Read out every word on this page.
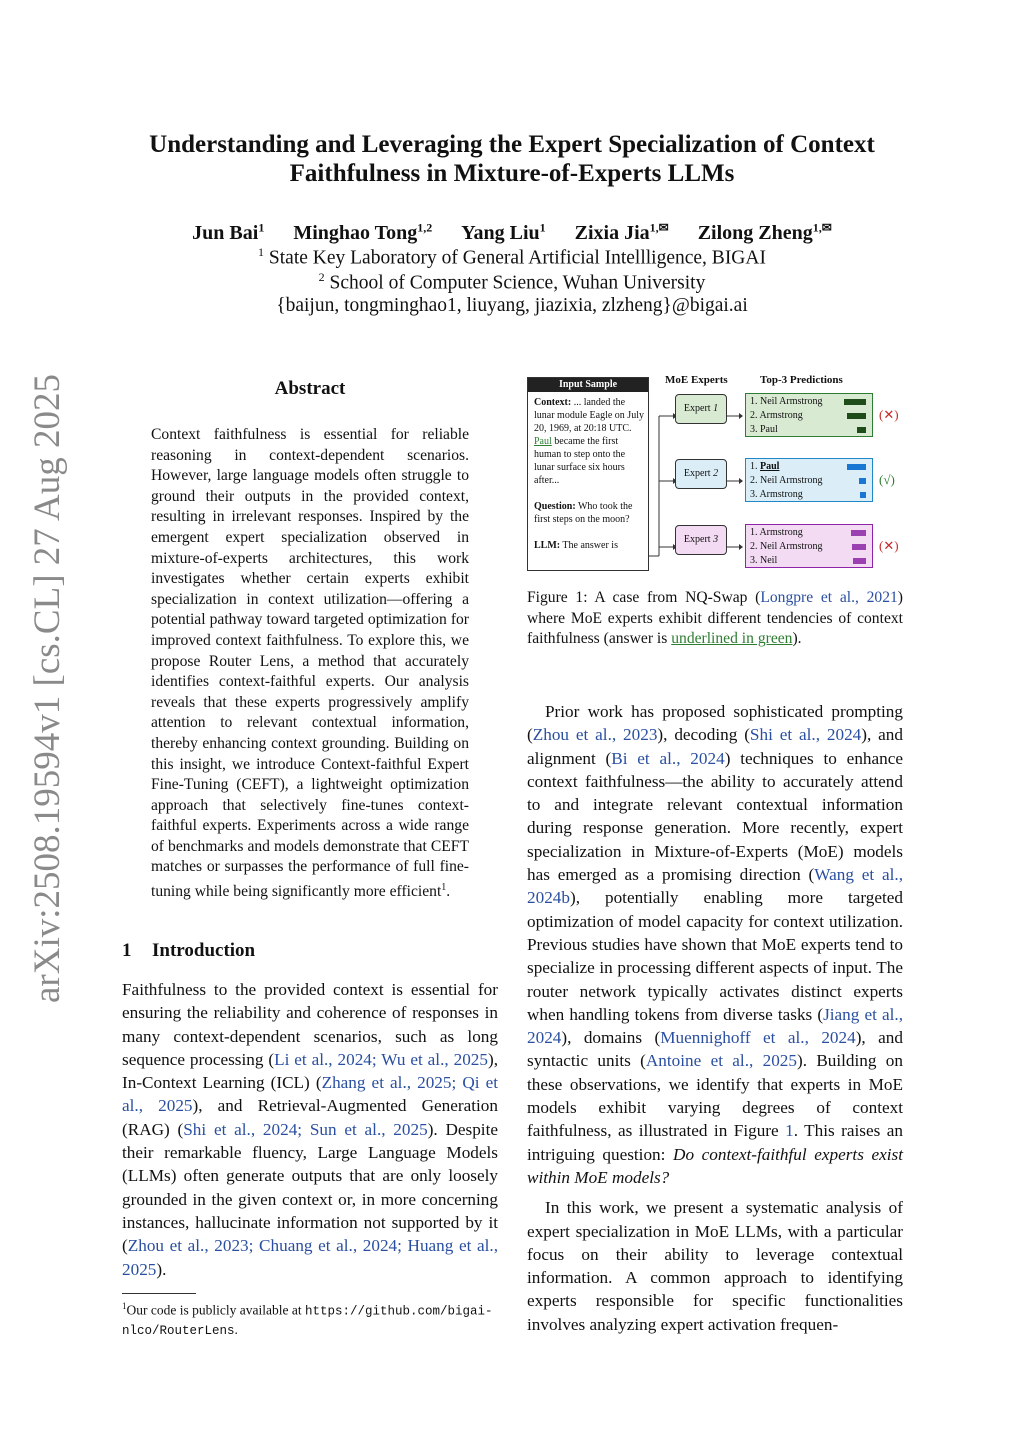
arXiv:2508.19594v1 [cs.CL] 27 Aug 2025
Understanding and Leveraging the Expert Specialization of Context
Faithfulness in Mixture-of-Experts LLMs
Jun Bai$^1$ Minghao Tong$^{1,2}$ Yang Liu$^1$ Zixia Jia$^{1,✉}$ Zilong Zheng$^{1,✉}$
$^1$ State Key Laboratory of General Artificial Intellligence, BIGAI
$^2$ School of Computer Science, Wuhan University
{baijun, tongminghao1, liuyang, jiazixia, zlzheng}@bigai.ai
Abstract
Context faithfulness is essential for reliable reasoning in context-dependent scenarios. However, large language models often struggle to ground their outputs in the provided context, resulting in irrelevant responses. Inspired by the emergent expert specialization observed in mixture-of-experts architectures, this work investigates whether certain experts exhibit specialization in context utilization—offering a potential pathway toward targeted optimization for improved context faithfulness. To explore this, we propose Router Lens, a method that accurately identifies context-faithful experts. Our analysis reveals that these experts progressively amplify attention to relevant contextual information, thereby enhancing context grounding. Building on this insight, we introduce Context-faithful Expert Fine-Tuning (CEFT), a lightweight optimization approach that selectively fine-tunes context-faithful experts. Experiments across a wide range of benchmarks and models demonstrate that CEFT matches or surpasses the performance of full fine-tuning while being significantly more efficient$^1$.
1 Introduction
Faithfulness to the provided context is essential for ensuring the reliability and coherence of responses in many context-dependent scenarios, such as long sequence processing (Li et al., 2024; Wu et al., 2025), In-Context Learning (ICL) (Zhang et al., 2025; Qi et al., 2025), and Retrieval-Augmented Generation (RAG) (Shi et al., 2024; Sun et al., 2025). Despite their remarkable fluency, Large Language Models (LLMs) often generate outputs that are only loosely grounded in the given context or, in more concerning instances, hallucinate information not supported by it (Zhou et al., 2023; Chuang et al., 2024; Huang et al., 2025).
$^1$Our code is publicly available at https://github.com/bigai-nlco/RouterLens.
Input Sample
Context: ... landed the lunar module Eagle on July 20, 1969, at 20:18 UTC. Paul became the first human to step onto the lunar surface six hours after...
Question: Who took the first steps on the moon?
LLM: The answer is
MoE Experts	Top-3 Predictions
Expert 1
1. Neil Armstrong
2. Armstrong
3. Paul
(✕)
Expert 2
1. Paul
2. Neil Armstrong
3. Armstrong
(√)
Expert 3
1. Armstrong
2. Neil Armstrong
3. Neil
(✕)
Figure 1: A case from NQ-Swap (Longpre et al., 2021) where MoE experts exhibit different tendencies of context faithfulness (answer is underlined in green).

Prior work has proposed sophisticated prompting (Zhou et al., 2023), decoding (Shi et al., 2024), and alignment (Bi et al., 2024) techniques to enhance context faithfulness—the ability to accurately attend to and integrate relevant contextual information during response generation. More recently, expert specialization in Mixture-of-Experts (MoE) models has emerged as a promising direction (Wang et al., 2024b), potentially enabling more targeted optimization of model capacity for context utilization. Previous studies have shown that MoE experts tend to specialize in processing different aspects of input. The router network typically activates distinct experts when handling tokens from diverse tasks (Jiang et al., 2024), domains (Muennighoff et al., 2024), and syntactic units (Antoine et al., 2025). Building on these observations, we identify that experts in MoE models exhibit varying degrees of context faithfulness, as illustrated in Figure 1. This raises an intriguing question: Do context-faithful experts exist within MoE models?

In this work, we present a systematic analysis of expert specialization in MoE LLMs, with a particular focus on their ability to leverage contextual information. A common approach to identifying experts responsible for specific functionalities involves analyzing expert activation frequen-
